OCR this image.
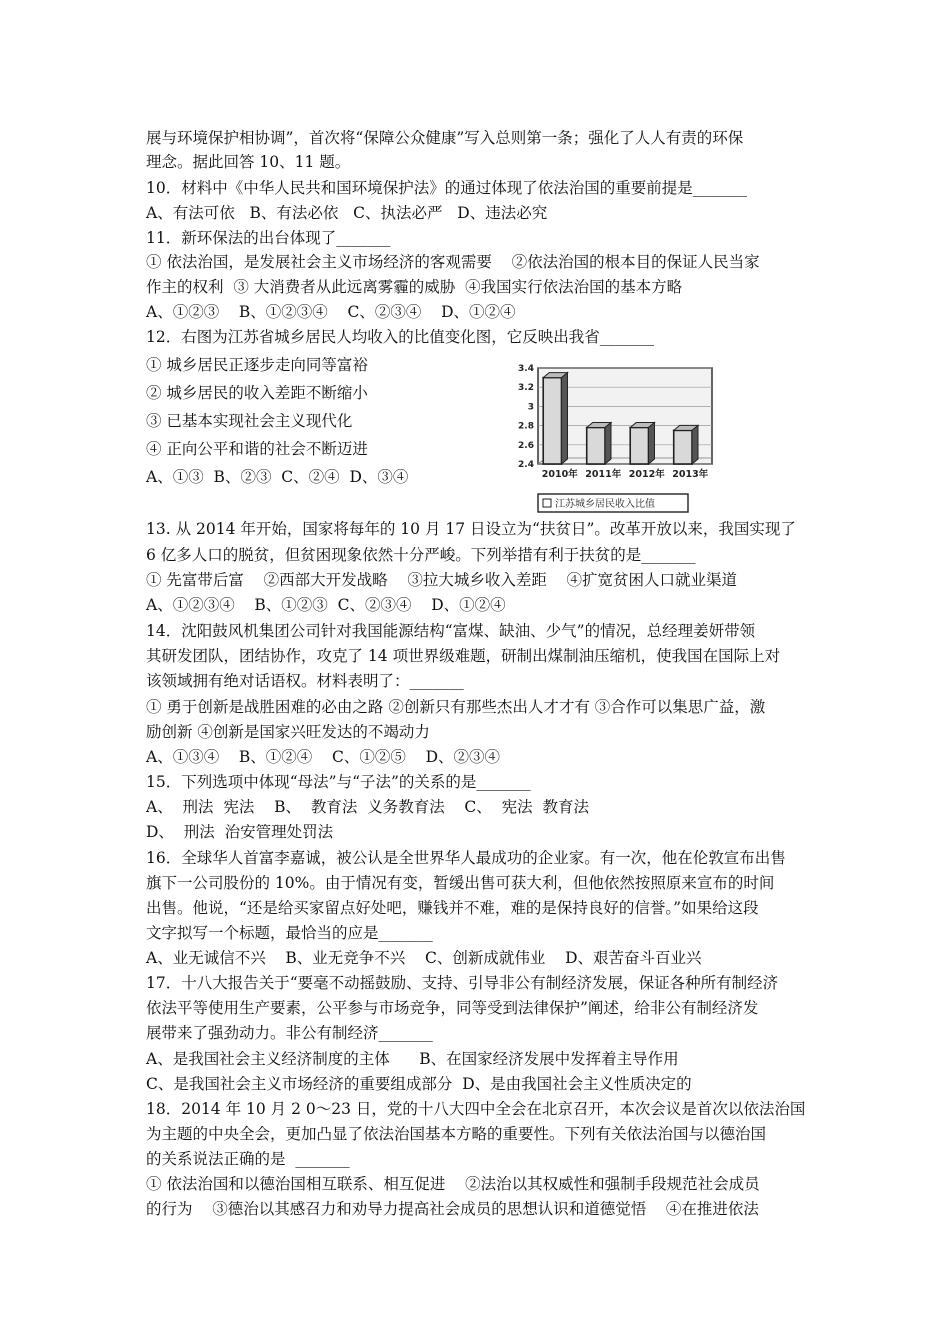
展与环境保护相协调”，首次将“保障公众健康”写入总则第一条；强化了人人有责的环保
理念。据此回答 10、11 题。
10．材料中《中华人民共和国环境保护法》的通过体现了依法治国的重要前提是_______
A、有法可依   B、有法必依   C、执法必严   D、违法必究
11．新环保法的出台体现了_______
① 依法治国，是发展社会主义市场经济的客观需要    ②依法治国的根本目的保证人民当家
作主的权利  ③ 大消费者从此远离雾霾的威胁  ④我国实行依法治国的基本方略
A、①②③    B、①②③④    C、②③④    D、①②④
12．右图为江苏省城乡居民人均收入的比值变化图，它反映出我省_______
① 城乡居民正逐步走向同等富裕
② 城乡居民的收入差距不断缩小
③ 已基本实现社会主义现代化
④ 正向公平和谐的社会不断迈进
A、①③  B、②③  C、②④  D、③④
13. 从 2014 年开始，国家将每年的 10 月 17 日设立为“扶贫日”。改革开放以来，我国实现了
6 亿多人口的脱贫，但贫困现象依然十分严峻。下列举措有利于扶贫的是_______
① 先富带后富    ②西部大开发战略    ③拉大城乡收入差距    ④扩宽贫困人口就业渠道
A、①②③④    B、①②③  C、②③④    D、①②④
14．沈阳鼓风机集团公司针对我国能源结构“富煤、缺油、少气”的情况，总经理姜妍带领
其研发团队，团结协作，攻克了 14 项世界级难题，研制出煤制油压缩机，使我国在国际上对
该领域拥有绝对话语权。材料表明了：_______
① 勇于创新是战胜困难的必由之路 ②创新只有那些杰出人才才有 ③合作可以集思广益，激
励创新 ④创新是国家兴旺发达的不竭动力
A、①③④    B、①②④    C、①②⑤    D、②③④
15．下列选项中体现“母法”与“子法”的关系的是_______
A、  刑法  宪法    B、  教育法  义务教育法    C、  宪法  教育法
D、  刑法  治安管理处罚法
16．全球华人首富李嘉诚，被公认是全世界华人最成功的企业家。有一次，他在伦敦宣布出售
旗下一公司股份的 10%。由于情况有变，暂缓出售可获大利，但他依然按照原来宣布的时间
出售。他说，“还是给买家留点好处吧，赚钱并不难，难的是保持良好的信誉。”如果给这段
文字拟写一个标题，最恰当的应是_______
A、业无诚信不兴    B、业无竞争不兴    C、创新成就伟业    D、艰苦奋斗百业兴
17．十八大报告关于“要毫不动摇鼓励、支持、引导非公有制经济发展，保证各种所有制经济
依法平等使用生产要素，公平参与市场竞争，同等受到法律保护”阐述，给非公有制经济发
展带来了强劲动力。非公有制经济_______
A、是我国社会主义经济制度的主体      B、在国家经济发展中发挥着主导作用
C、是我国社会主义市场经济的重要组成部分  D、是由我国社会主义性质决定的
18．2014 年 10 月 2 0～23 日，党的十八大四中全会在北京召开，本次会议是首次以依法治国
为主题的中央全会，更加凸显了依法治国基本方略的重要性。下列有关依法治国与以德治国
的关系说法正确的是  _______
① 依法治国和以德治国相互联系、相互促进    ②法治以其权威性和强制手段规范社会成员
的行为    ③德治以其感召力和劝导力提高社会成员的思想认识和道德觉悟    ④在推进依法
3.4
3.2
3
2.8
2.6
2.4
2010年 2011年 2012年 2013年
江苏城乡居民收入比值
